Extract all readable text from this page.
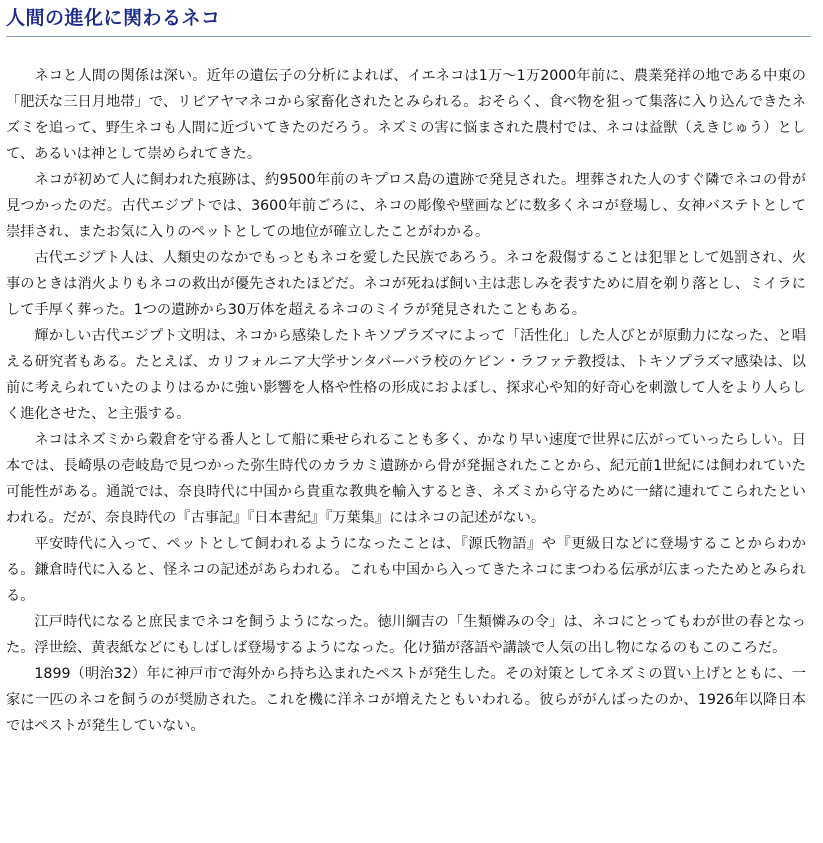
人間の進化に関わるネコ

ネコと人間の関係は深い。近年の遺伝子の分析によれば、イエネコは1万〜1万2000年前に、農業発祥の地である中東の「肥沃な三日月地帯」で、リビアヤマネコから家畜化されたとみられる。おそらく、食べ物を狙って集落に入り込んできたネズミを追って、野生ネコも人間に近づいてきたのだろう。ネズミの害に悩まされた農村では、ネコは益獣（えきじゅう）として、あるいは神として崇められてきた。

ネコが初めて人に飼われた痕跡は、約9500年前のキプロス島の遺跡で発見された。埋葬された人のすぐ隣でネコの骨が見つかったのだ。古代エジプトでは、3600年前ごろに、ネコの彫像や壁画などに数多くネコが登場し、女神バステトとして崇拝され、またお気に入りのペットとしての地位が確立したことがわかる。

古代エジプト人は、人類史のなかでもっともネコを愛した民族であろう。ネコを殺傷することは犯罪として処罰され、火事のときは消火よりもネコの救出が優先されたほどだ。ネコが死ねば飼い主は悲しみを表すために眉を剃り落とし、ミイラにして手厚く葬った。1つの遺跡から30万体を超えるネコのミイラが発見されたこともある。

輝かしい古代エジプト文明は、ネコから感染したトキソプラズマによって「活性化」した人びとが原動力になった、と唱える研究者もある。たとえば、カリフォルニア大学サンタバーバラ校のケビン・ラファテ教授は、トキソプラズマ感染は、以前に考えられていたのよりはるかに強い影響を人格や性格の形成におよぼし、探求心や知的好奇心を刺激して人をより人らしく進化させた、と主張する。

ネコはネズミから穀倉を守る番人として船に乗せられることも多く、かなり早い速度で世界に広がっていったらしい。日本では、長崎県の壱岐島で見つかった弥生時代のカラカミ遺跡から骨が発掘されたことから、紀元前1世紀には飼われていた可能性がある。通説では、奈良時代に中国から貴重な教典を輸入するとき、ネズミから守るために一緒に連れてこられたといわれる。だが、奈良時代の『古事記』『日本書紀』『万葉集』にはネコの記述がない。

平安時代に入って、ペットとして飼われるようになったことは、『源氏物語』や『更級日などに登場することからわかる。鎌倉時代に入ると、怪ネコの記述があらわれる。これも中国から入ってきたネコにまつわる伝承が広まったためとみられる。

江戸時代になると庶民までネコを飼うようになった。徳川綱吉の「生類憐みの令」は、ネコにとってもわが世の春となった。浮世絵、黄表紙などにもしばしば登場するようになった。化け猫が落語や講談で人気の出し物になるのもこのころだ。

1899（明治32）年に神戸市で海外から持ち込まれたペストが発生した。その対策としてネズミの買い上げとともに、一家に一匹のネコを飼うのが奨励された。これを機に洋ネコが増えたともいわれる。彼らががんばったのか、1926年以降日本ではペストが発生していない。
